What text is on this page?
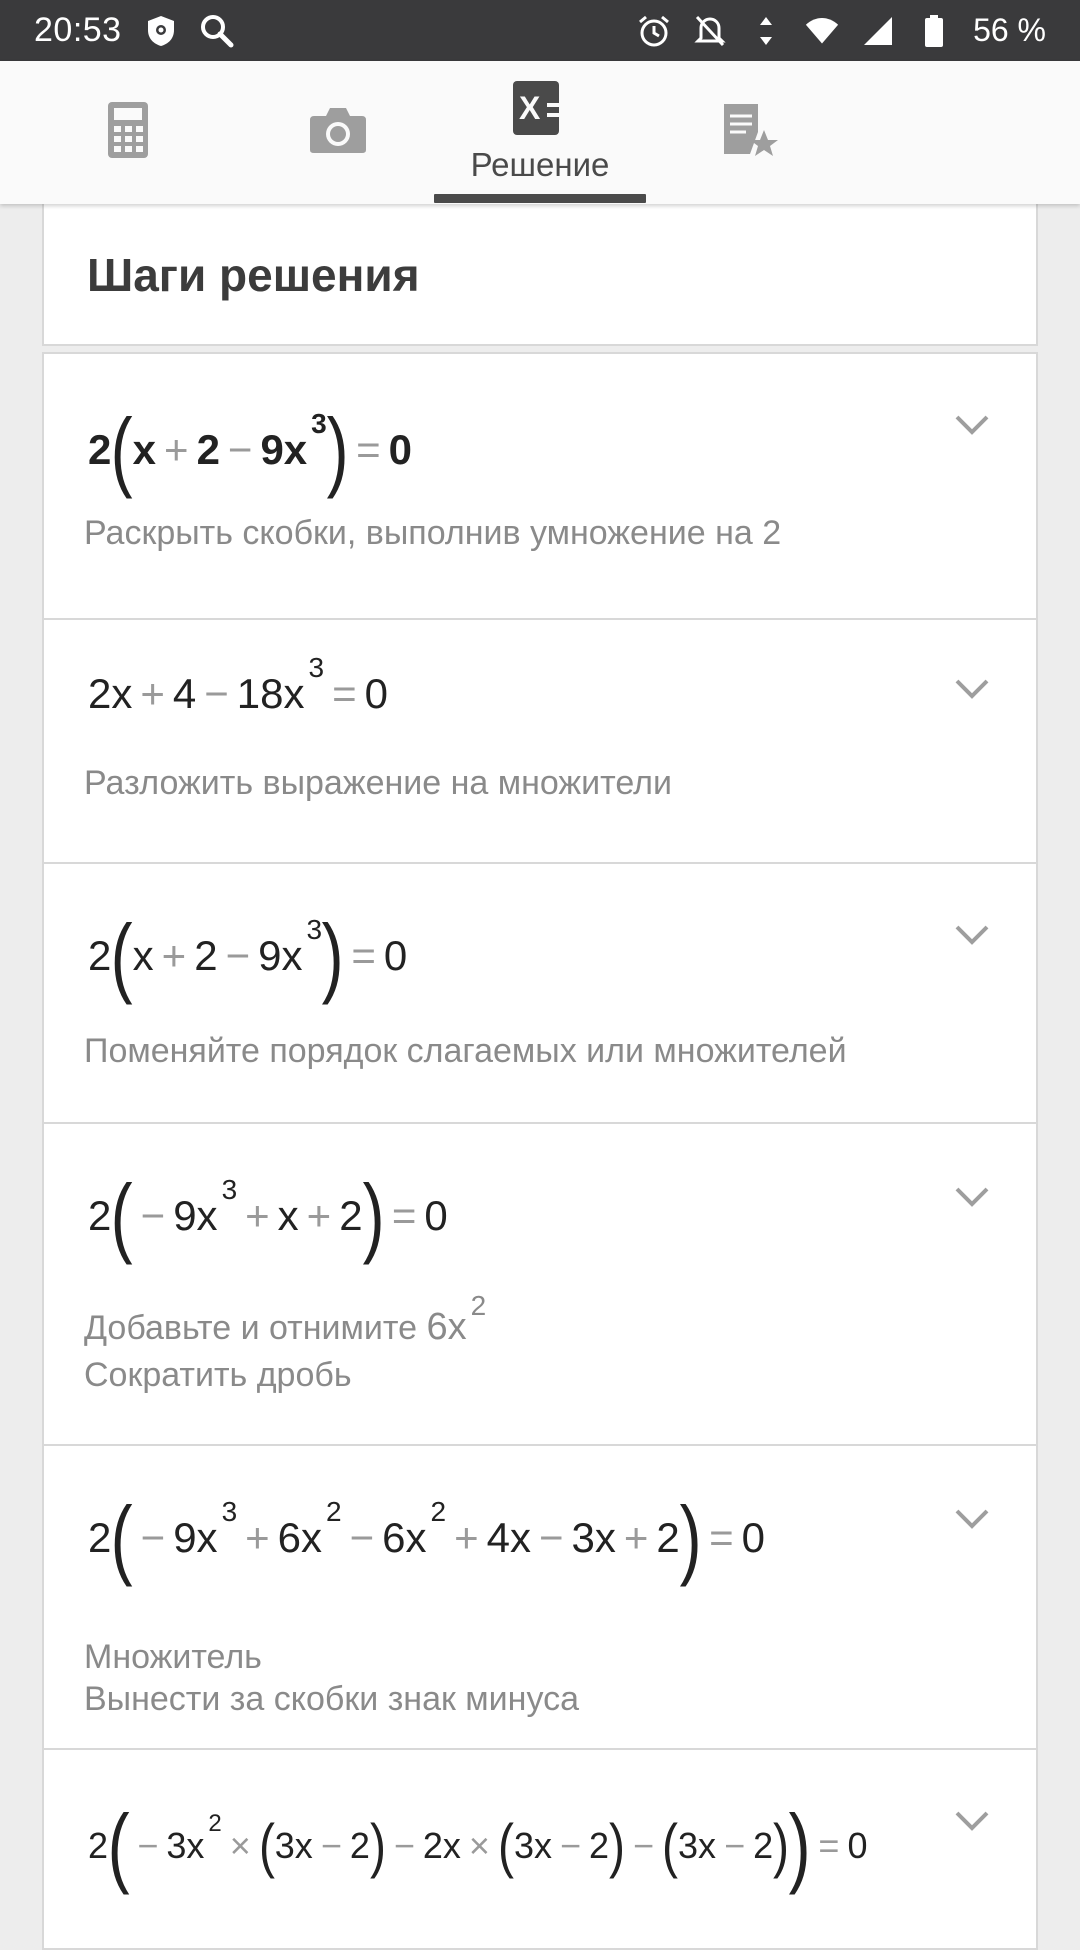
20:53	56 %
X
Решение
Шаги решения
2 ( x + 2 − 9x
3 ) = 0
Раскрыть скобки, выполнив умножение на 2
2x + 4 − 18x
3
= 0
Разложить выражение на множители
2 ( x + 2 − 9x
3 ) = 0
Поменяйте порядок слагаемых или множителей
2 ( − 9x
3
+ x + 2 ) = 0
Добавьте и отнимите $6x^2$
Сократить дробь
2 ( − 9x
3
+ 6x
2
− 6x
2
+ 4x − 3x + 2 ) = 0
Множитель
Вынести за скобки знак минуса
2 ( − 3x
2
× ( 3x − 2 ) − 2x × ( 3x − 2 ) − ( 3x − 2 ) ) = 0
